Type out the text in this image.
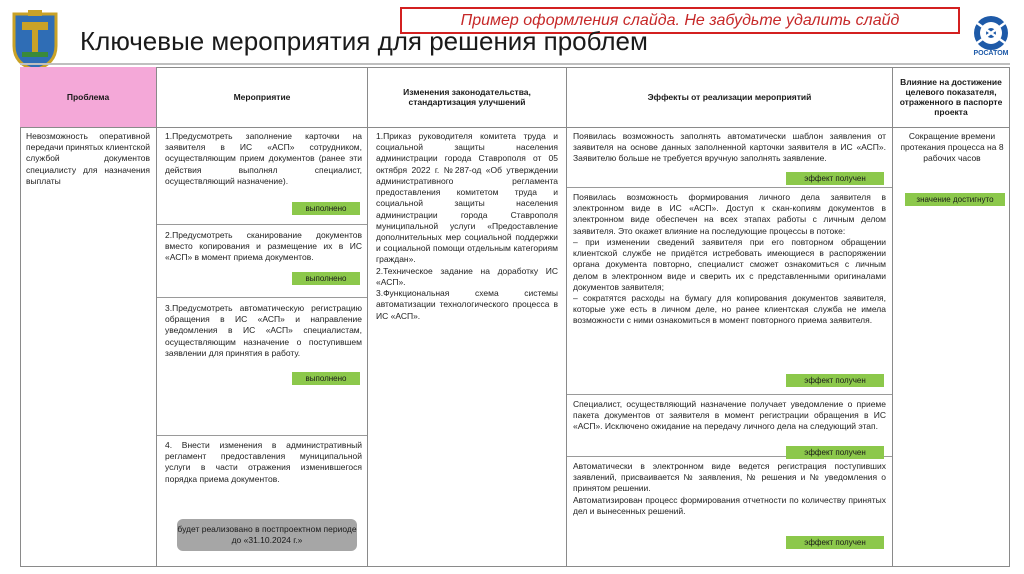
Пример оформления слайда. Не забудьте удалить слайд
Ключевые мероприятия для решения проблем	РОСАТОМ
Проблема	Мероприятие
Изменения законодательства, стандартизация улучшений
Эффекты от реализации мероприятий
Влияние на достижение целевого показателя, отраженного в паспорте проекта
Невозможность оперативной передачи принятых клиентской службой документов специалисту для назначения выплаты
1.Предусмотреть заполнение карточки на заявителя в ИС «АСП» сотрудником, осуществляющим прием документов (ранее эти действия выполнял специалист, осуществляющий назначение).
выполнено
2.Предусмотреть сканирование документов вместо копирования и размещение их в ИС «АСП» в момент приема документов.
выполнено
3.Предусмотреть автоматическую регистрацию обращения в ИС «АСП» и направление уведомления в ИС «АСП» специалистам, осуществляющим назначение о поступившем заявлении для принятия в работу.
выполнено
4. Внести изменения в административный регламент предоставления муниципальной услуги в части отражения изменившегося порядка приема документов.
будет реализовано в постпроектном периоде до «31.10.2024 г.»

1.Приказ руководителя комитета труда и социальной защиты населения администрации города Ставрополя от 05 октября 2022 г. №287-од «Об утверждении административного регламента предоставления комитетом труда и социальной защиты населения администрации города Ставрополя муниципальной услуги «Предоставление дополнительных мер социальной поддержки и социальной помощи отдельным категориям граждан».

2.Техническое задание на доработку ИС «АСП».

3.Функциональная схема системы автоматизации технологического процесса в ИС «АСП».

Появилась возможность заполнять автоматически шаблон заявления от заявителя на основе данных заполненной карточки заявителя в ИС «АСП». Заявителю больше не требуется вручную заполнять заявление.

эффект получен

Появилась возможность формирования личного дела заявителя в электронном виде в ИС «АСП». Доступ к скан-копиям документов в электронном виде обеспечен на всех этапах работы с личным делом заявителя. Это окажет влияние на последующие процессы в потоке:

– при изменении сведений заявителя при его повторном обращении клиентской службе не придётся истребовать имеющиеся в распоряжении органа документа повторно, специалист сможет ознакомиться с личным делом в электронном виде и сверить их с представленными оригиналами документов заявителя;

– сократятся расходы на бумагу для копирования документов заявителя, которые уже есть в личном деле, но ранее клиентская служба не имела возможности с ними ознакомиться в момент повторного приема заявителя.

эффект получен

Специалист, осуществляющий назначение получает уведомление о приеме пакета документов от заявителя в момент регистрации обращения в ИС «АСП». Исключено ожидание на передачу личного дела на следующий этап.

эффект получен

Автоматически в электронном виде ведется регистрация поступивших заявлений, присваивается № заявления, № решения и № уведомления о принятом решении.

Автоматизирован процесс формирования отчетности по количеству принятых дел и вынесенных решений.

эффект получен
Сокращение времени протекания процесса на 8 рабочих часов
значение достигнуто
